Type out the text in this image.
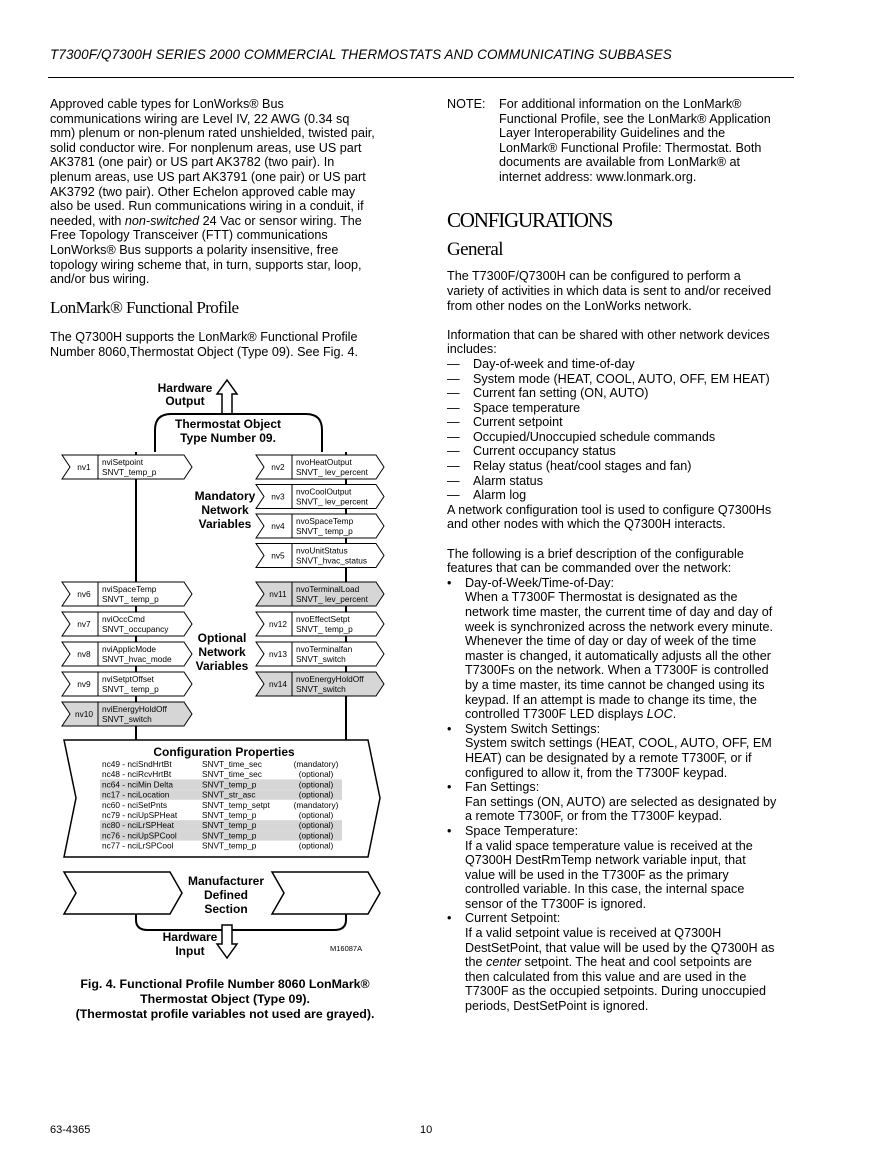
T7300F/Q7300H SERIES 2000 COMMERCIAL THERMOSTATS AND COMMUNICATING SUBBASES
Approved cable types for LonWorks® Bus
communications wiring are Level IV, 22 AWG (0.34 sq
mm) plenum or non-plenum rated unshielded, twisted pair,
solid conductor wire. For nonplenum areas, use US part
AK3781 (one pair) or US part AK3782 (two pair). In
plenum areas, use US part AK3791 (one pair) or US part
AK3792 (two pair). Other Echelon approved cable may
also be used. Run communications wiring in a conduit, if
needed, with non-switched 24 Vac or sensor wiring. The
Free Topology Transceiver (FTT) communications
LonWorks® Bus supports a polarity insensitive, free
topology wiring scheme that, in turn, supports star, loop,
and/or bus wiring.
LonMark® Functional Profile
The Q7300H supports the LonMark® Functional Profile
Number 8060,Thermostat Object (Type 09). See Fig. 4.
Hardware
Output
Thermostat Object
Type Number 09.
Mandatory
Network
Variables
Optional
Network
Variables
Hardware
Input	M16087A
nv1 nviSetpoint
SNVT_temp_p	nv2 nvoHeatOutput
SNVT_ lev_percent
nv3 nvoCoolOutput
SNVT_ lev_percent
nv4 nvoSpaceTemp
SNVT_ temp_p
nv5 nvoUnitStatus
SNVT_hvac_status
nv6 nviSpaceTemp
SNVT_ temp_p
nv7 nviOccCmd
SNVT_occupancy
nv8 nviApplicMode
SNVT_hvac_mode
nv9 nviSetptOffset
SNVT_ temp_p
nv10 nviEnergyHoldOff
SNVT_switch
nv11 nvoTerminalLoad
SNVT_ lev_percent
nv12 nvoEffectSetpt
SNVT_ temp_p
nv13 nvoTerminalfan
SNVT_switch
nv14 nvoEnergyHoldOff
SNVT_switch
Configuration Properties
nc49 - nciSndHrtBt	SNVT_time_sec	(mandatory)
nc48 - nciRcvHrtBt	SNVT_time_sec	(optional)
nc64 - nciMin Delta	SNVT_temp_p	(optional)
nc17 - nciLocation	SNVT_str_asc	(optional)
nc60 - nciSetPnts	SNVT_temp_setpt	(mandatory)
nc79 - nciUpSPHeat	SNVT_temp_p	(optional)
nc80 - nciLrSPHeat	SNVT_temp_p	(optional)
nc76 - nciUpSPCool	SNVT_temp_p	(optional)
nc77 - nciLrSPCool	SNVT_temp_p	(optional)
Manufacturer
Defined
Section
Fig. 4. Functional Profile Number 8060 LonMark®
Thermostat Object (Type 09).
(Thermostat profile variables not used are grayed).
NOTE:	For additional information on the LonMark®
Functional Profile, see the LonMark® Application
Layer Interoperability Guidelines and the
LonMark® Functional Profile: Thermostat. Both
documents are available from LonMark® at
internet address: www.lonmark.org.
CONFIGURATIONS
General
The T7300F/Q7300H can be configured to perform a
variety of activities in which data is sent to and/or received
from other nodes on the LonWorks network.
Information that can be shared with other network devices
includes:
—	Day-of-week and time-of-day
—	System mode (HEAT, COOL, AUTO, OFF, EM HEAT)
—	Current fan setting (ON, AUTO)
—	Space temperature
—	Current setpoint
—	Occupied/Unoccupied schedule commands
—	Current occupancy status
—	Relay status (heat/cool stages and fan)
—	Alarm status
—	Alarm log
A network configuration tool is used to configure Q7300Hs
and other nodes with which the Q7300H interacts.
The following is a brief description of the configurable
features that can be commanded over the network:
•	Day-of-Week/Time-of-Day:
When a T7300F Thermostat is designated as the
network time master, the current time of day and day of
week is synchronized across the network every minute.
Whenever the time of day or day of week of the time
master is changed, it automatically adjusts all the other
T7300Fs on the network. When a T7300F is controlled
by a time master, its time cannot be changed using its
keypad. If an attempt is made to change its time, the
controlled T7300F LED displays LOC.
•	System Switch Settings:
System switch settings (HEAT, COOL, AUTO, OFF, EM
HEAT) can be designated by a remote T7300F, or if
configured to allow it, from the T7300F keypad.
•	Fan Settings:
Fan settings (ON, AUTO) are selected as designated by
a remote T7300F, or from the T7300F keypad.
•	Space Temperature:
If a valid space temperature value is received at the
Q7300H DestRmTemp network variable input, that
value will be used in the T7300F as the primary
controlled variable. In this case, the internal space
sensor of the T7300F is ignored.
•	Current Setpoint:
If a valid setpoint value is received at Q7300H
DestSetPoint, that value will be used by the Q7300H as
the center setpoint. The heat and cool setpoints are
then calculated from this value and are used in the
T7300F as the occupied setpoints. During unoccupied
periods, DestSetPoint is ignored.
63-4365	10
